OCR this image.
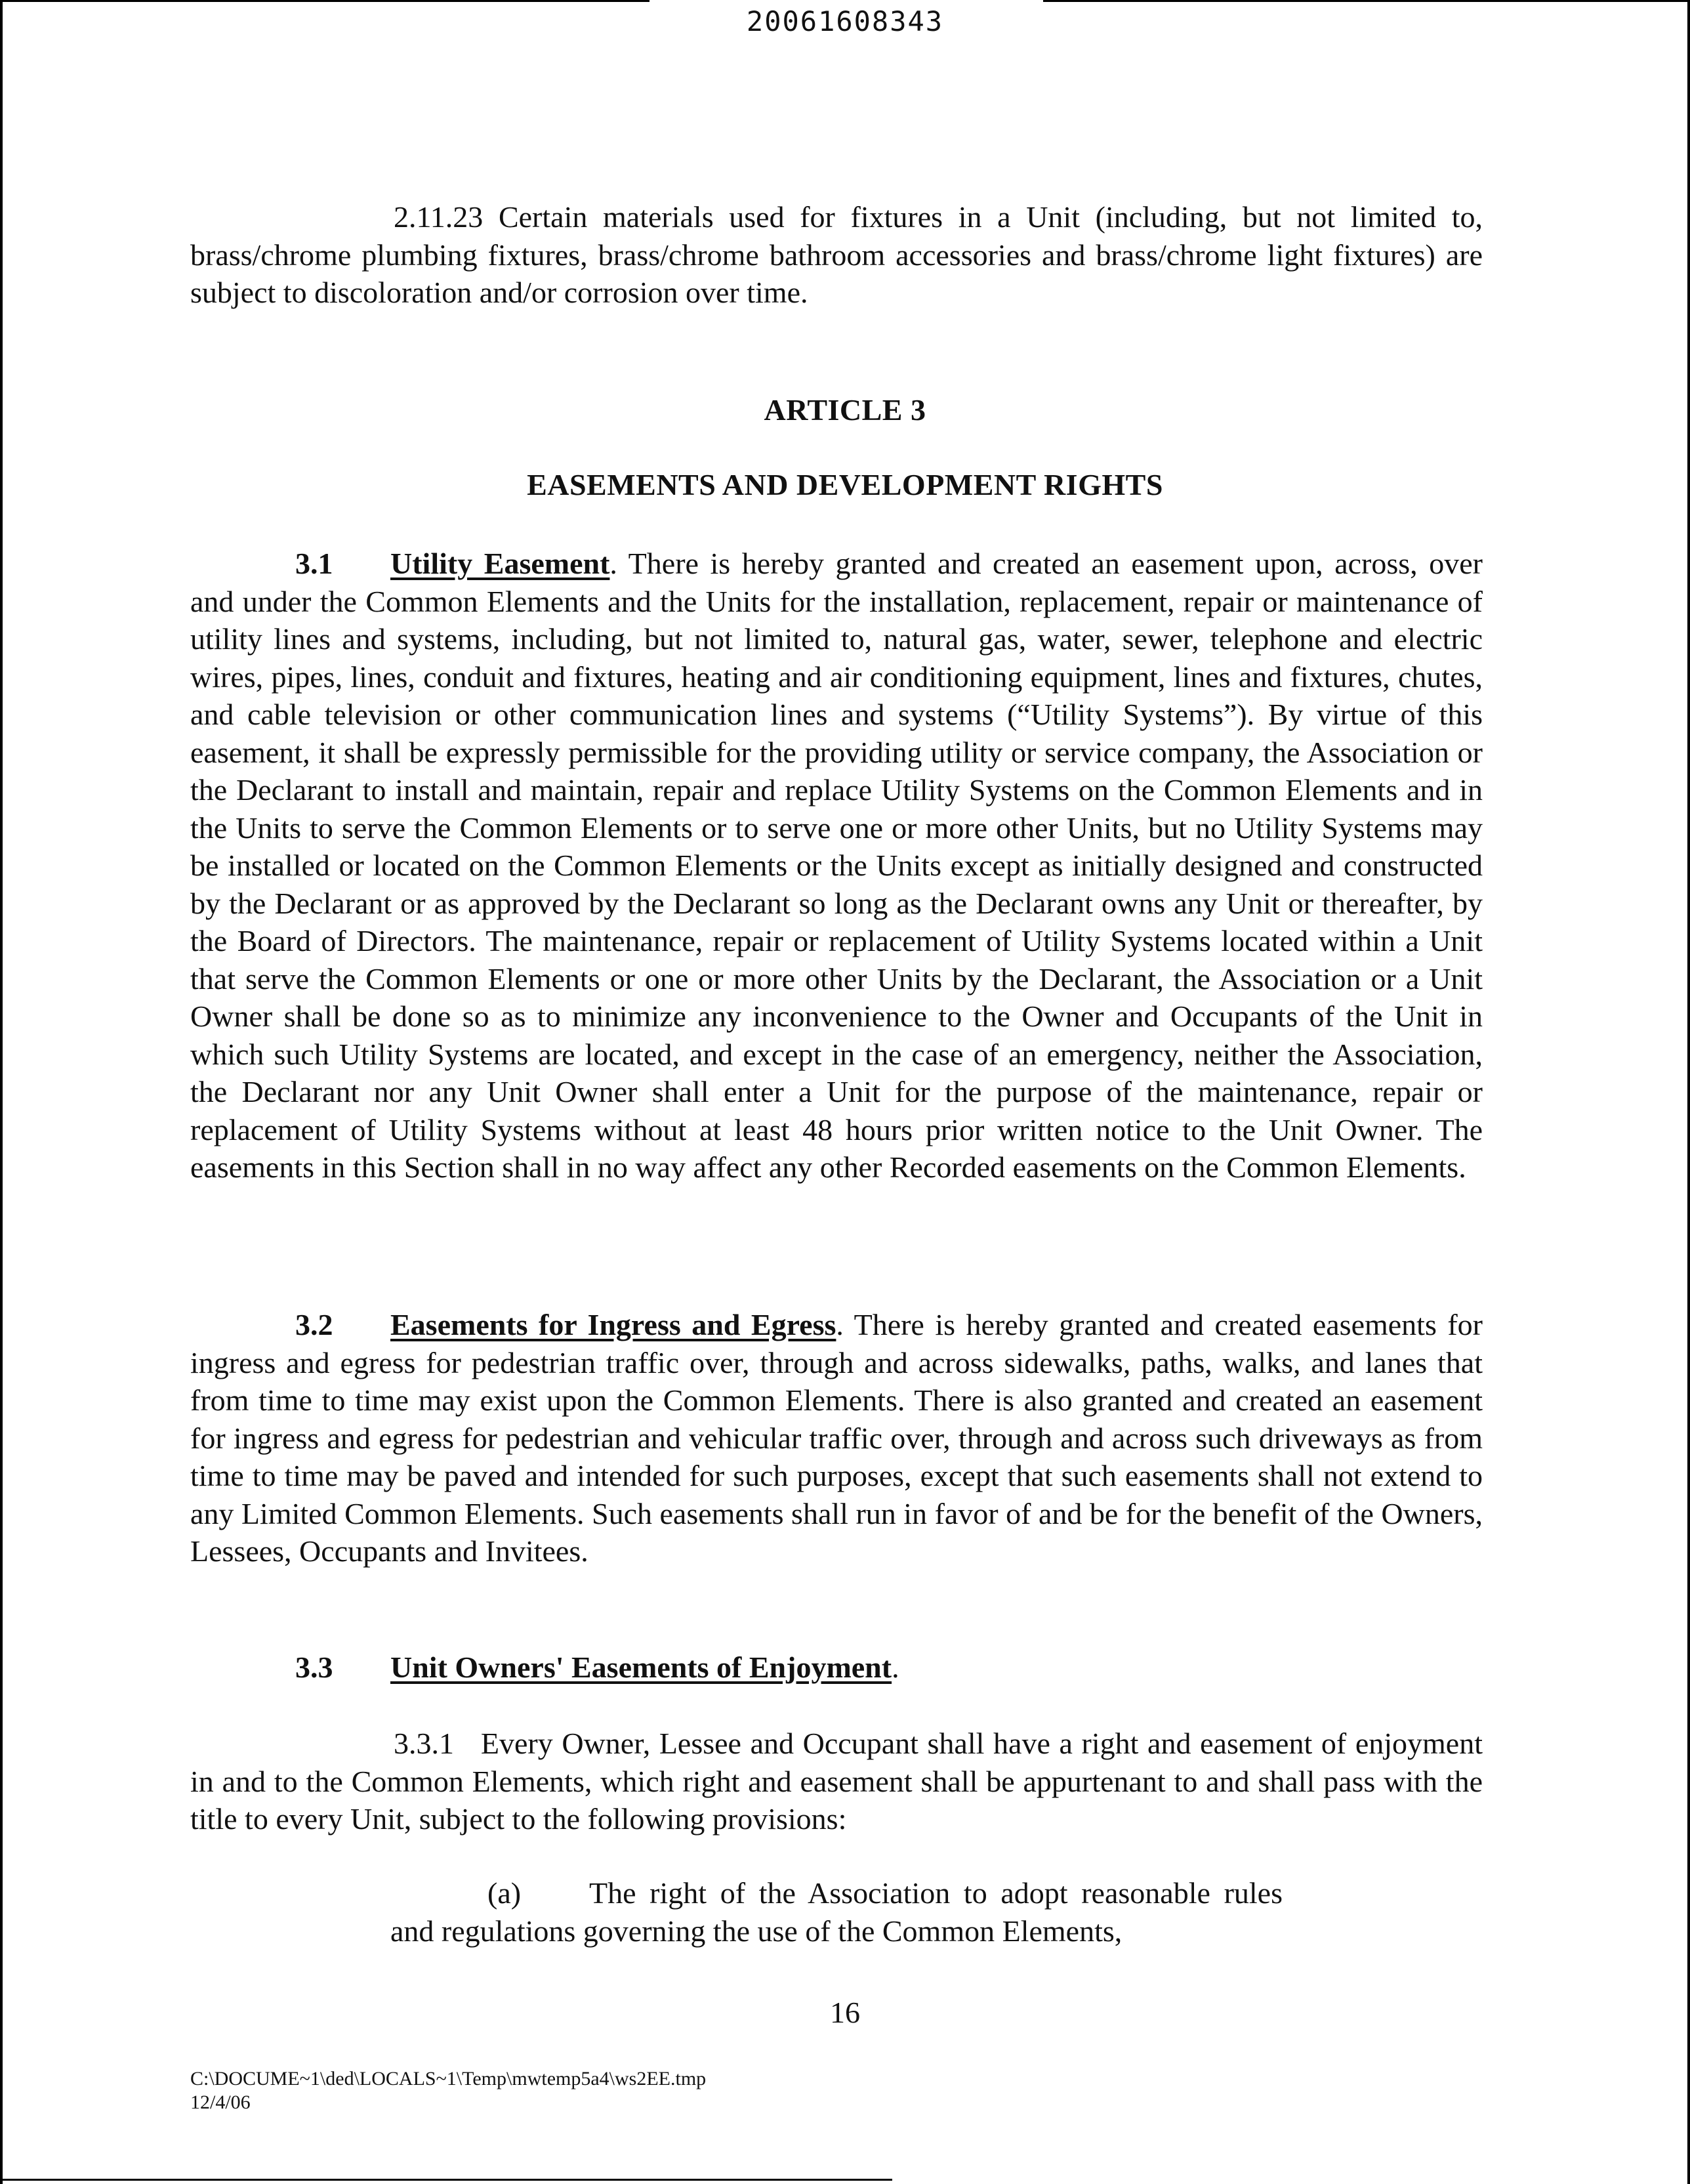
20061608343
2.11.23 Certain materials used for fixtures in a Unit (including, but not limited to, brass/chrome plumbing fixtures, brass/chrome bathroom accessories and brass/chrome light fixtures) are subject to discoloration and/or corrosion over time.
ARTICLE 3
EASEMENTS AND DEVELOPMENT RIGHTS
3.1 Utility Easement. There is hereby granted and created an easement upon, across, over and under the Common Elements and the Units for the installation, replacement, repair or maintenance of utility lines and systems, including, but not limited to, natural gas, water, sewer, telephone and electric wires, pipes, lines, conduit and fixtures, heating and air conditioning equipment, lines and fixtures, chutes, and cable television or other communication lines and systems (“Utility Systems”). By virtue of this easement, it shall be expressly permissible for the providing utility or service company, the Association or the Declarant to install and maintain, repair and replace Utility Systems on the Common Elements and in the Units to serve the Common Elements or to serve one or more other Units, but no Utility Systems may be installed or located on the Common Elements or the Units except as initially designed and constructed by the Declarant or as approved by the Declarant so long as the Declarant owns any Unit or thereafter, by the Board of Directors. The maintenance, repair or replacement of Utility Systems located within a Unit that serve the Common Elements or one or more other Units by the Declarant, the Association or a Unit Owner shall be done so as to minimize any inconvenience to the Owner and Occupants of the Unit in which such Utility Systems are located, and except in the case of an emergency, neither the Association, the Declarant nor any Unit Owner shall enter a Unit for the purpose of the maintenance, repair or replacement of Utility Systems without at least 48 hours prior written notice to the Unit Owner. The easements in this Section shall in no way affect any other Recorded easements on the Common Elements.
3.2 Easements for Ingress and Egress. There is hereby granted and created easements for ingress and egress for pedestrian traffic over, through and across sidewalks, paths, walks, and lanes that from time to time may exist upon the Common Elements. There is also granted and created an easement for ingress and egress for pedestrian and vehicular traffic over, through and across such driveways as from time to time may be paved and intended for such purposes, except that such easements shall not extend to any Limited Common Elements. Such easements shall run in favor of and be for the benefit of the Owners, Lessees, Occupants and Invitees.
3.3 Unit Owners' Easements of Enjoyment.
3.3.1 Every Owner, Lessee and Occupant shall have a right and easement of enjoyment in and to the Common Elements, which right and easement shall be appurtenant to and shall pass with the title to every Unit, subject to the following provisions:
(a) The right of the Association to adopt reasonable rules and regulations governing the use of the Common Elements,
16
C:\DOCUME~1\ded\LOCALS~1\Temp\mwtemp5a4\ws2EE.tmp
12/4/06
